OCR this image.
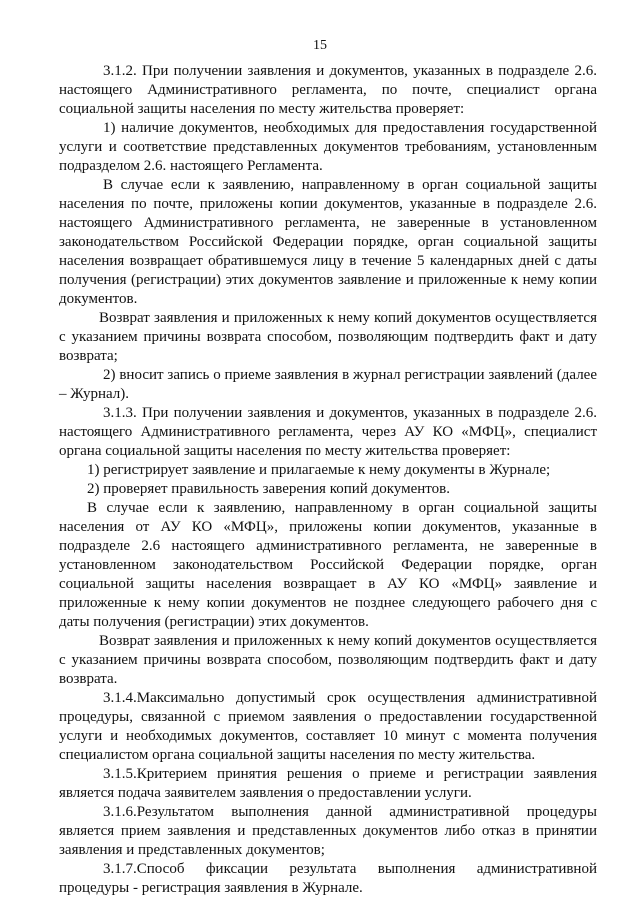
15

3.1.2. При получении заявления и документов, указанных в подразделе 2.6. настоящего Административного регламента, по почте, специалист органа социальной защиты населения по месту жительства проверяет:

1) наличие документов, необходимых для предоставления государственной услуги и соответствие представленных документов требованиям, установленным подразделом 2.6. настоящего Регламента.

В случае если к заявлению, направленному в орган социальной защиты населения по почте, приложены копии документов, указанные в подразделе 2.6. настоящего Административного регламента, не заверенные в установленном законодательством Российской Федерации порядке, орган социальной защиты населения возвращает обратившемуся лицу в течение 5 календарных дней с даты получения (регистрации) этих документов заявление и приложенные к нему копии документов.

Возврат заявления и приложенных к нему копий документов осуществляется с указанием причины возврата способом, позволяющим подтвердить факт и дату возврата;

2) вносит запись о приеме заявления в журнал регистрации заявлений (далее – Журнал).

3.1.3. При получении заявления и документов, указанных в подразделе 2.6. настоящего Административного регламента, через АУ КО «МФЦ», специалист органа социальной защиты населения по месту жительства проверяет:

1) регистрирует заявление и прилагаемые к нему документы в Журнале;

2) проверяет правильность заверения копий документов.

В случае если к заявлению, направленному в орган социальной защиты населения от АУ КО «МФЦ», приложены копии документов, указанные в подразделе 2.6 настоящего административного регламента, не заверенные в установленном законодательством Российской Федерации порядке, орган социальной защиты населения возвращает в АУ КО «МФЦ» заявление и приложенные к нему копии документов не позднее следующего рабочего дня с даты получения (регистрации) этих документов.

Возврат заявления и приложенных к нему копий документов осуществляется с указанием причины возврата способом, позволяющим подтвердить факт и дату возврата.

3.1.4.Максимально допустимый срок осуществления административной процедуры, связанной с приемом заявления о предоставлении государственной услуги и необходимых документов, составляет 10 минут с момента получения специалистом органа социальной защиты населения по месту жительства.

3.1.5.Критерием принятия решения о приеме и регистрации заявления является подача заявителем заявления о предоставлении услуги.

3.1.6.Результатом выполнения данной административной процедуры является прием заявления и представленных документов либо отказ в принятии заявления и представленных документов;

3.1.7.Способ фиксации результата выполнения административной процедуры - регистрация заявления в Журнале.
